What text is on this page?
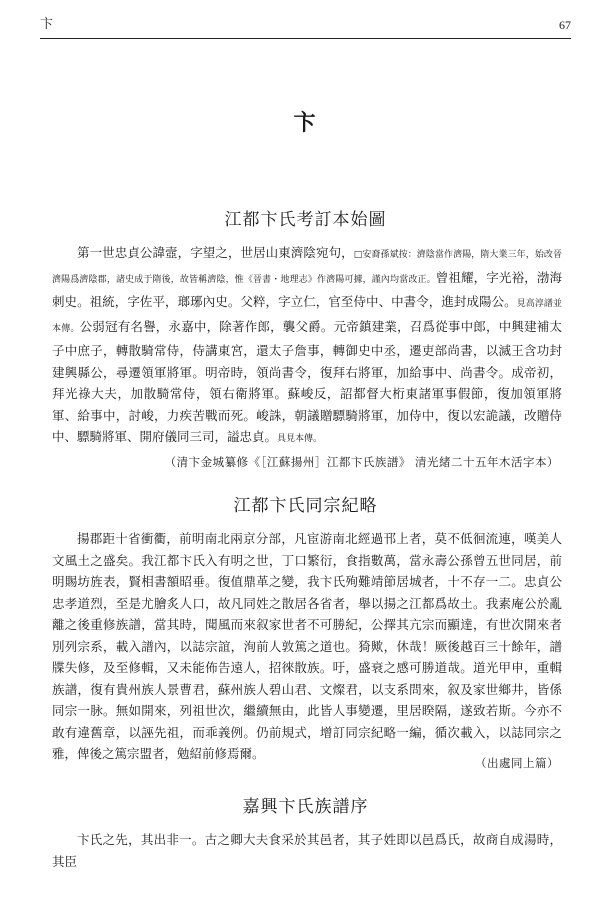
卞	67
卞
江都卞氏考訂本始圖
第一世忠貞公諱壼，字望之，世居山東濟陰宛句，□安裔孫斌按：濟陰當作濟陽，隋大業三年，始改晉濟陽爲濟陰郡，諸史成于隋後，故皆稱濟陰，惟《晉書・地理志》作濟陽可據，謹內均當改正。曾祖耀，字光裕，渤海刺史。祖統，字佐平，瑯琊內史。父粹，字立仁，官至侍中、中書令，進封成陽公。見高淳譜並本傳。公弱冠有名譽，永嘉中，除著作郎，襲父爵。元帝鎮建業，召爲從事中郎，中興建補太子中庶子，轉散騎常侍，侍講東宮，還太子詹事，轉御史中丞，遷吏部尚書，以滅王含功封建興縣公，尋遷領軍將軍。明帝時，領尚書令，復拜右將軍，加給事中、尚書令。成帝初，拜光祿大夫，加散騎常侍，領右衛將軍。蘇峻反，詔都督大桁東諸軍事假節，復加領軍將軍、給事中，討峻，力疾苦戰而死。峻誅，朝議贈驃騎將軍，加侍中，復以宏詭議，改贈侍中、驃騎將軍、開府儀同三司，謚忠貞。具見本傳。
（清卞金城纂修《［江蘇揚州］江都卞氏族譜》 清光緒二十五年木活字本）
江都卞氏同宗紀略
揚郡距十省衝衢，前明南北兩京分部，凡宦游南北經過邗上者，莫不低徊流連，嘆美人文風土之盛矣。我江都卞氏入有明之世，丁口繁衍，食指數萬，當永壽公孫曾五世同居，前明賜坊旌表，賢相書額昭垂。復值鼎革之變，我卞氏殉難靖節居城者，十不存一二。忠貞公忠孝道烈，至是尤膾炙人口，故凡同姓之散居各省者，舉以揚之江都爲故土。我素庵公於亂離之後重修族譜，當其時，聞風而來叙家世者不可勝紀，公擇其亢宗而顯達，有世次開來者別列宗系，載入譜內，以誌宗誼，洵前人敦篤之道也。猗歟，休哉！厥後越百三十餘年，譜牒失修，及至修輯，又未能佈告遠人，招徠散族。吁，盛衰之感可勝道哉。道光甲申，重輯族譜，復有貴州族人景曹君，蘇州族人碧山君、文燦君，以支系問來，叙及家世鄉井，皆係同宗一脉。無如開來，列祖世次，繼續無由，此皆人事變遷，里居睽隔，遂致若斯。今亦不敢有違舊章，以誣先祖，而乖義例。仍前規式，增訂同宗紀略一編，循次載入，以誌同宗之雅，俾後之篤宗盟者，勉紹前修焉爾。
（出處同上篇）
嘉興卞氏族譜序
卞氏之先，其出非一。古之卿大夫食采於其邑者，其子姓即以邑爲氏，故商自成湯時，其臣
